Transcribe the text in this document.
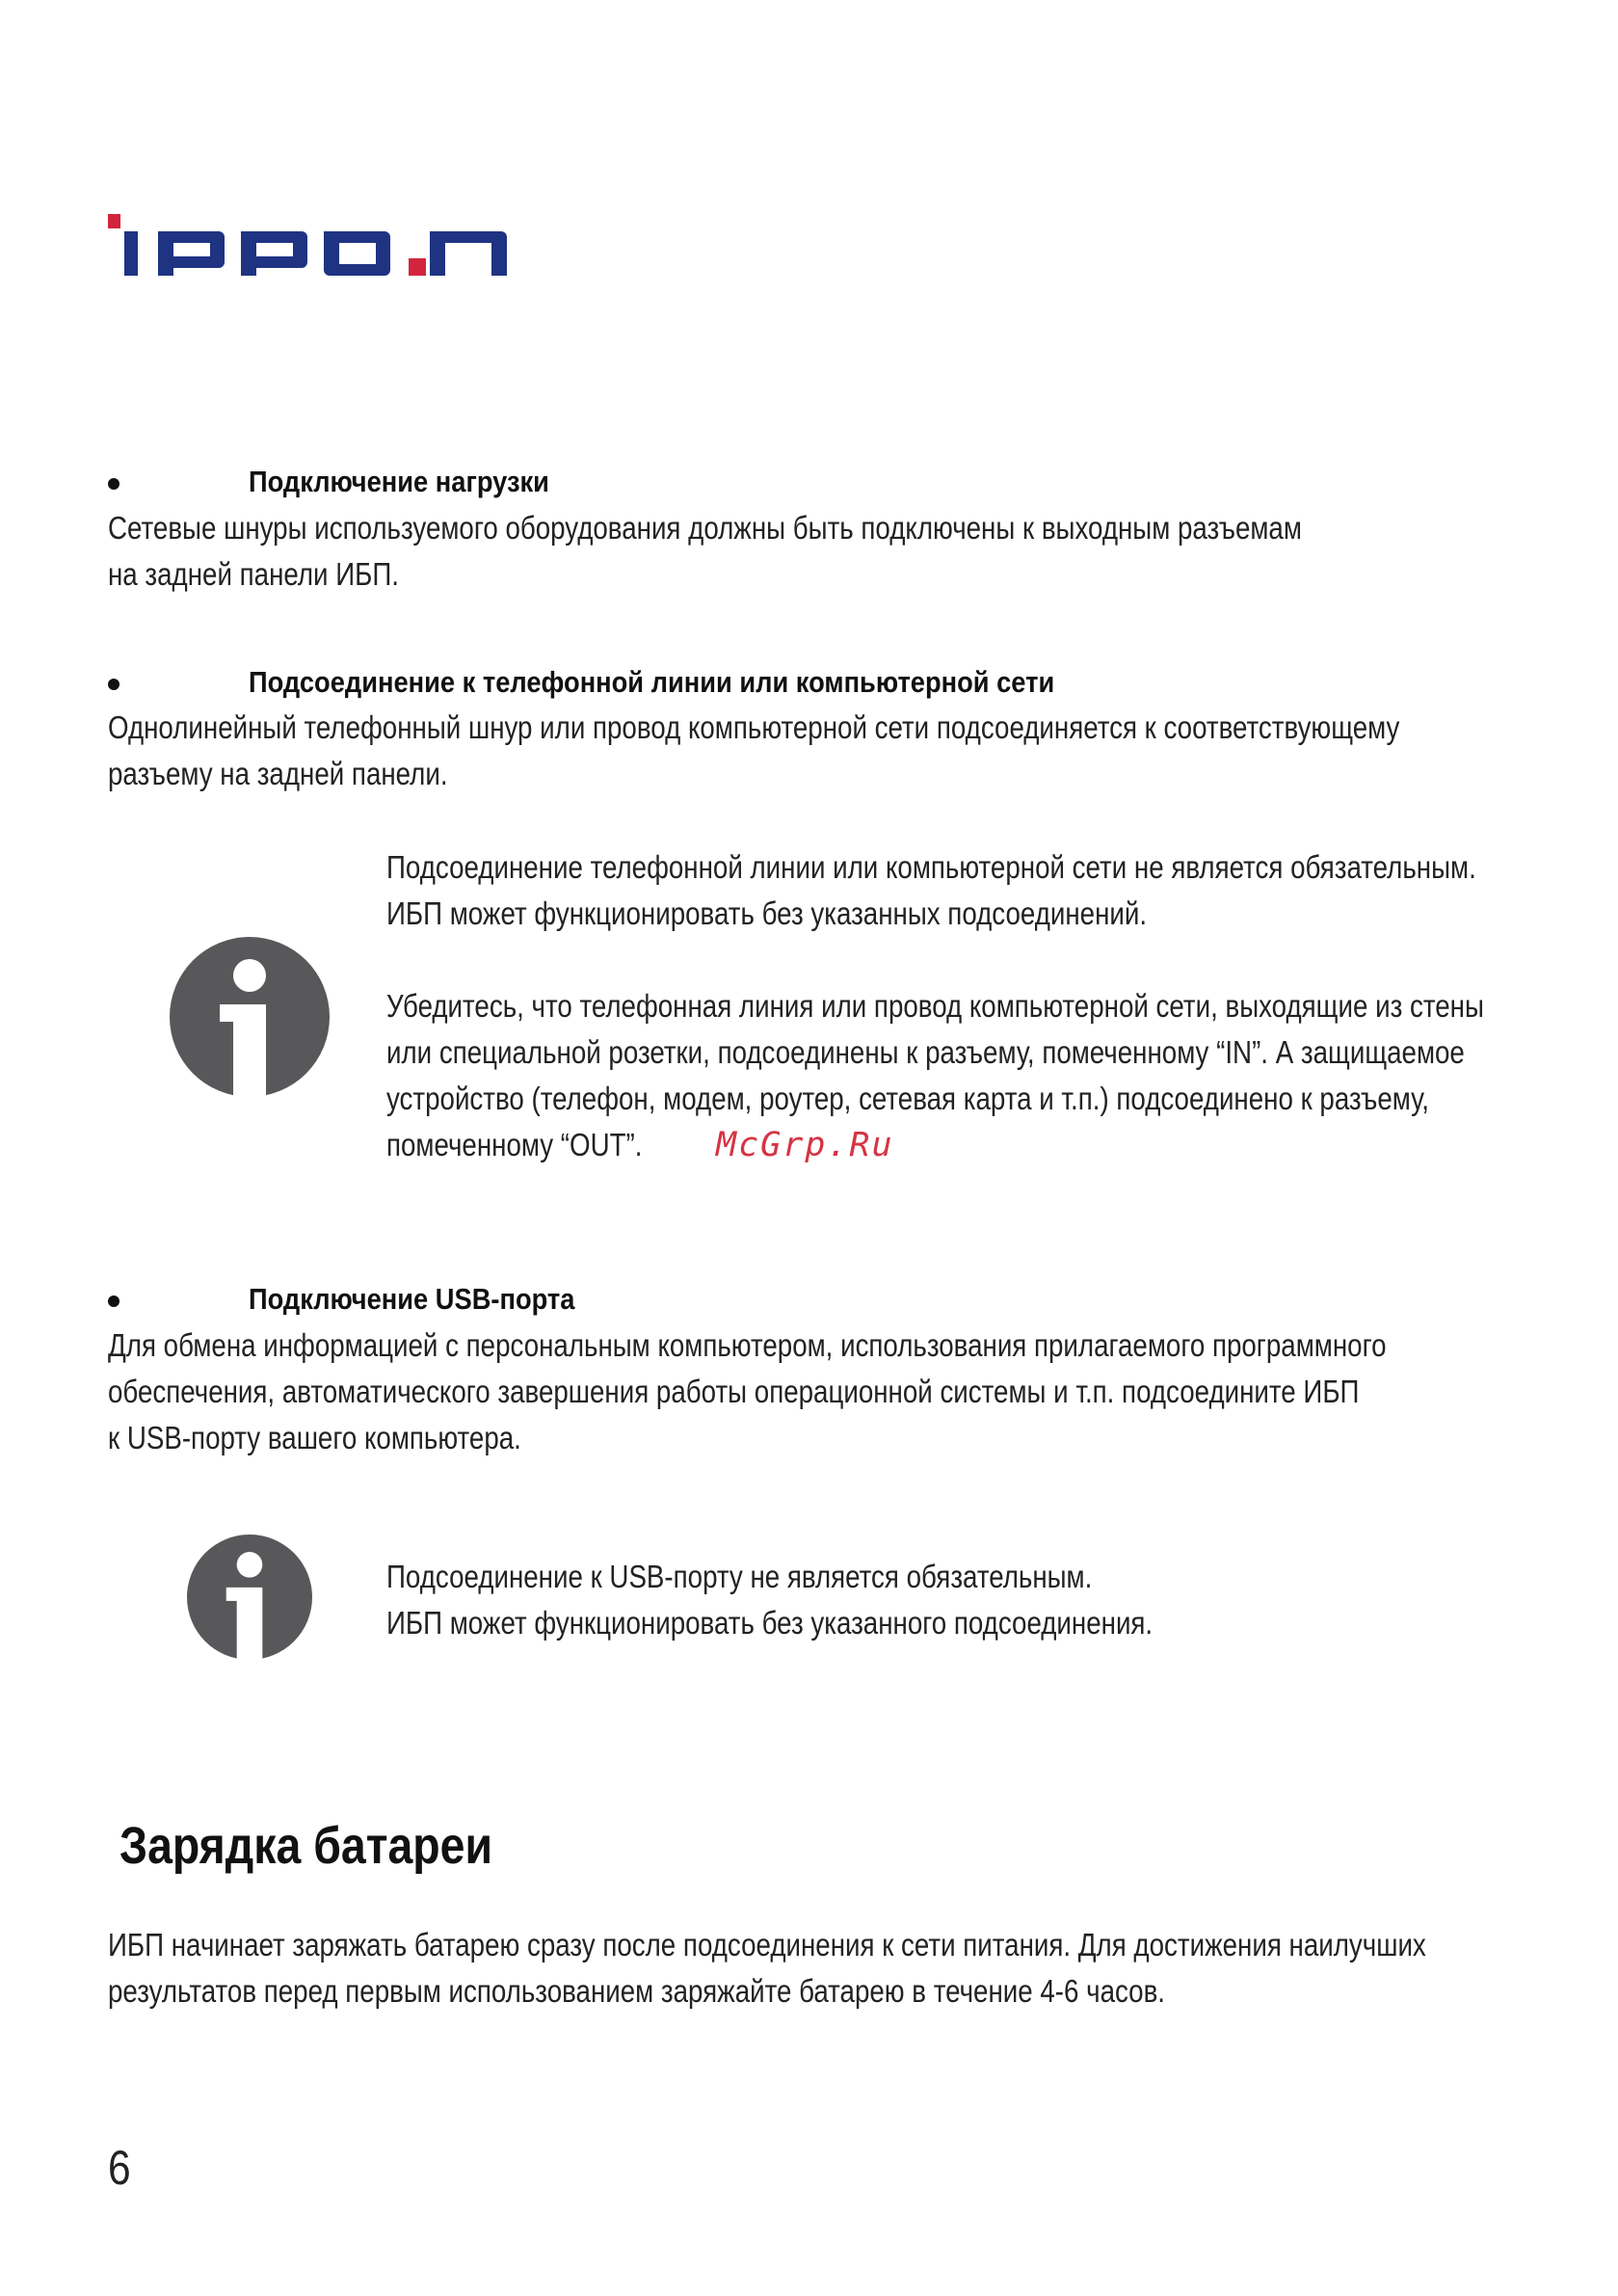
Подключение нагрузки
Сетевые шнуры используемого оборудования должны быть подключены к выходным разъемам
на задней панели ИБП.
Подсоединение к телефонной линии или компьютерной сети
Однолинейный телефонный шнур или провод компьютерной сети подсоединяется к соответствующему
разъему на задней панели.
Подсоединение телефонной линии или компьютерной сети не является обязательным.
ИБП может функционировать без указанных подсоединений.
Убедитесь, что телефонная линия или провод компьютерной сети, выходящие из стены
или специальной розетки, подсоединены к разъему, помеченному “IN”. А защищаемое
устройство (телефон, модем, роутер, сетевая карта и т.п.) подсоединено к разъему,
помеченному “OUT”.	McGrp.Ru
Подключение USB-порта
Для обмена информацией с персональным компьютером, использования прилагаемого программного
обеспечения, автоматического завершения работы операционной системы и т.п. подсоедините ИБП
к USB-порту вашего компьютера.
Подсоединение к USB-порту не является обязательным.
ИБП может функционировать без указанного подсоединения.
Зарядка батареи
ИБП начинает заряжать батарею сразу после подсоединения к сети питания. Для достижения наилучших
результатов перед первым использованием заряжайте батарею в течение 4-6 часов.
6
